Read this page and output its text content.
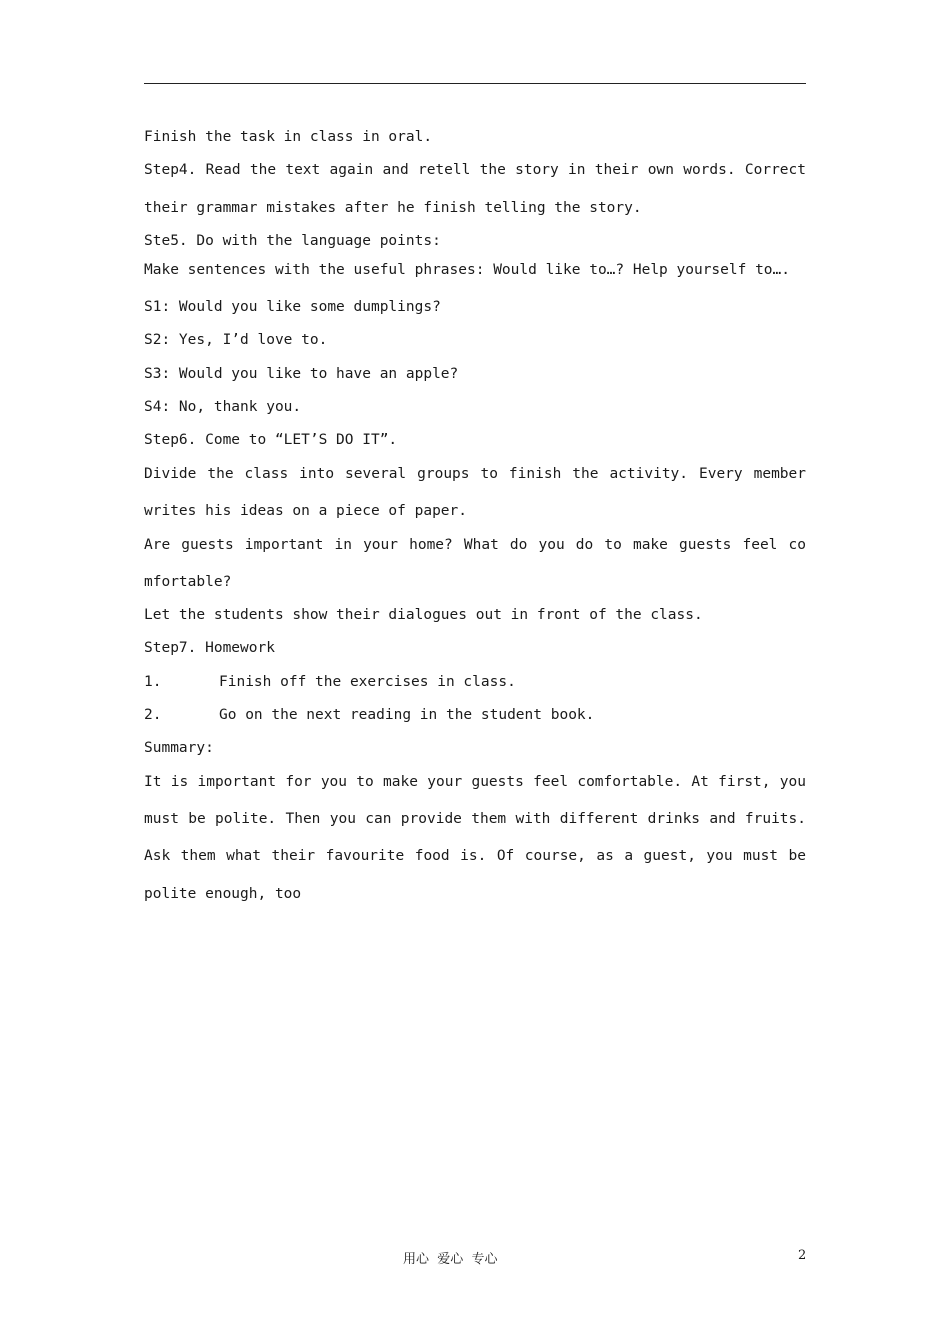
Finish the task in class in oral.
Step4. Read the text again and retell the story in their own words. Correct
their grammar mistakes after he finish telling the story.
Ste5. Do with the language points:
Make sentences with the useful phrases: Would like to…? Help yourself to….
S1: Would you like some dumplings?
S2: Yes, I’d love to.
S3: Would you like to have an apple?
S4: No, thank you.
Step6. Come to “LET’S DO IT”.
Divide the class into several groups to finish the activity. Every member
writes his ideas on a piece of paper.
Are guests important in your home? What do you do to make guests feel co
mfortable?
Let the students show their dialogues out in front of the class.
Step7. Homework
1.	Finish off the exercises in class.
2.	Go on the next reading in the student book.
Summary:
It is important for you to make your guests feel comfortable. At first, you
must be polite. Then you can provide them with different drinks and fruits.
Ask them what their favourite food is. Of course, as a guest, you must be
polite enough, too
用心  爱心  专心	2
